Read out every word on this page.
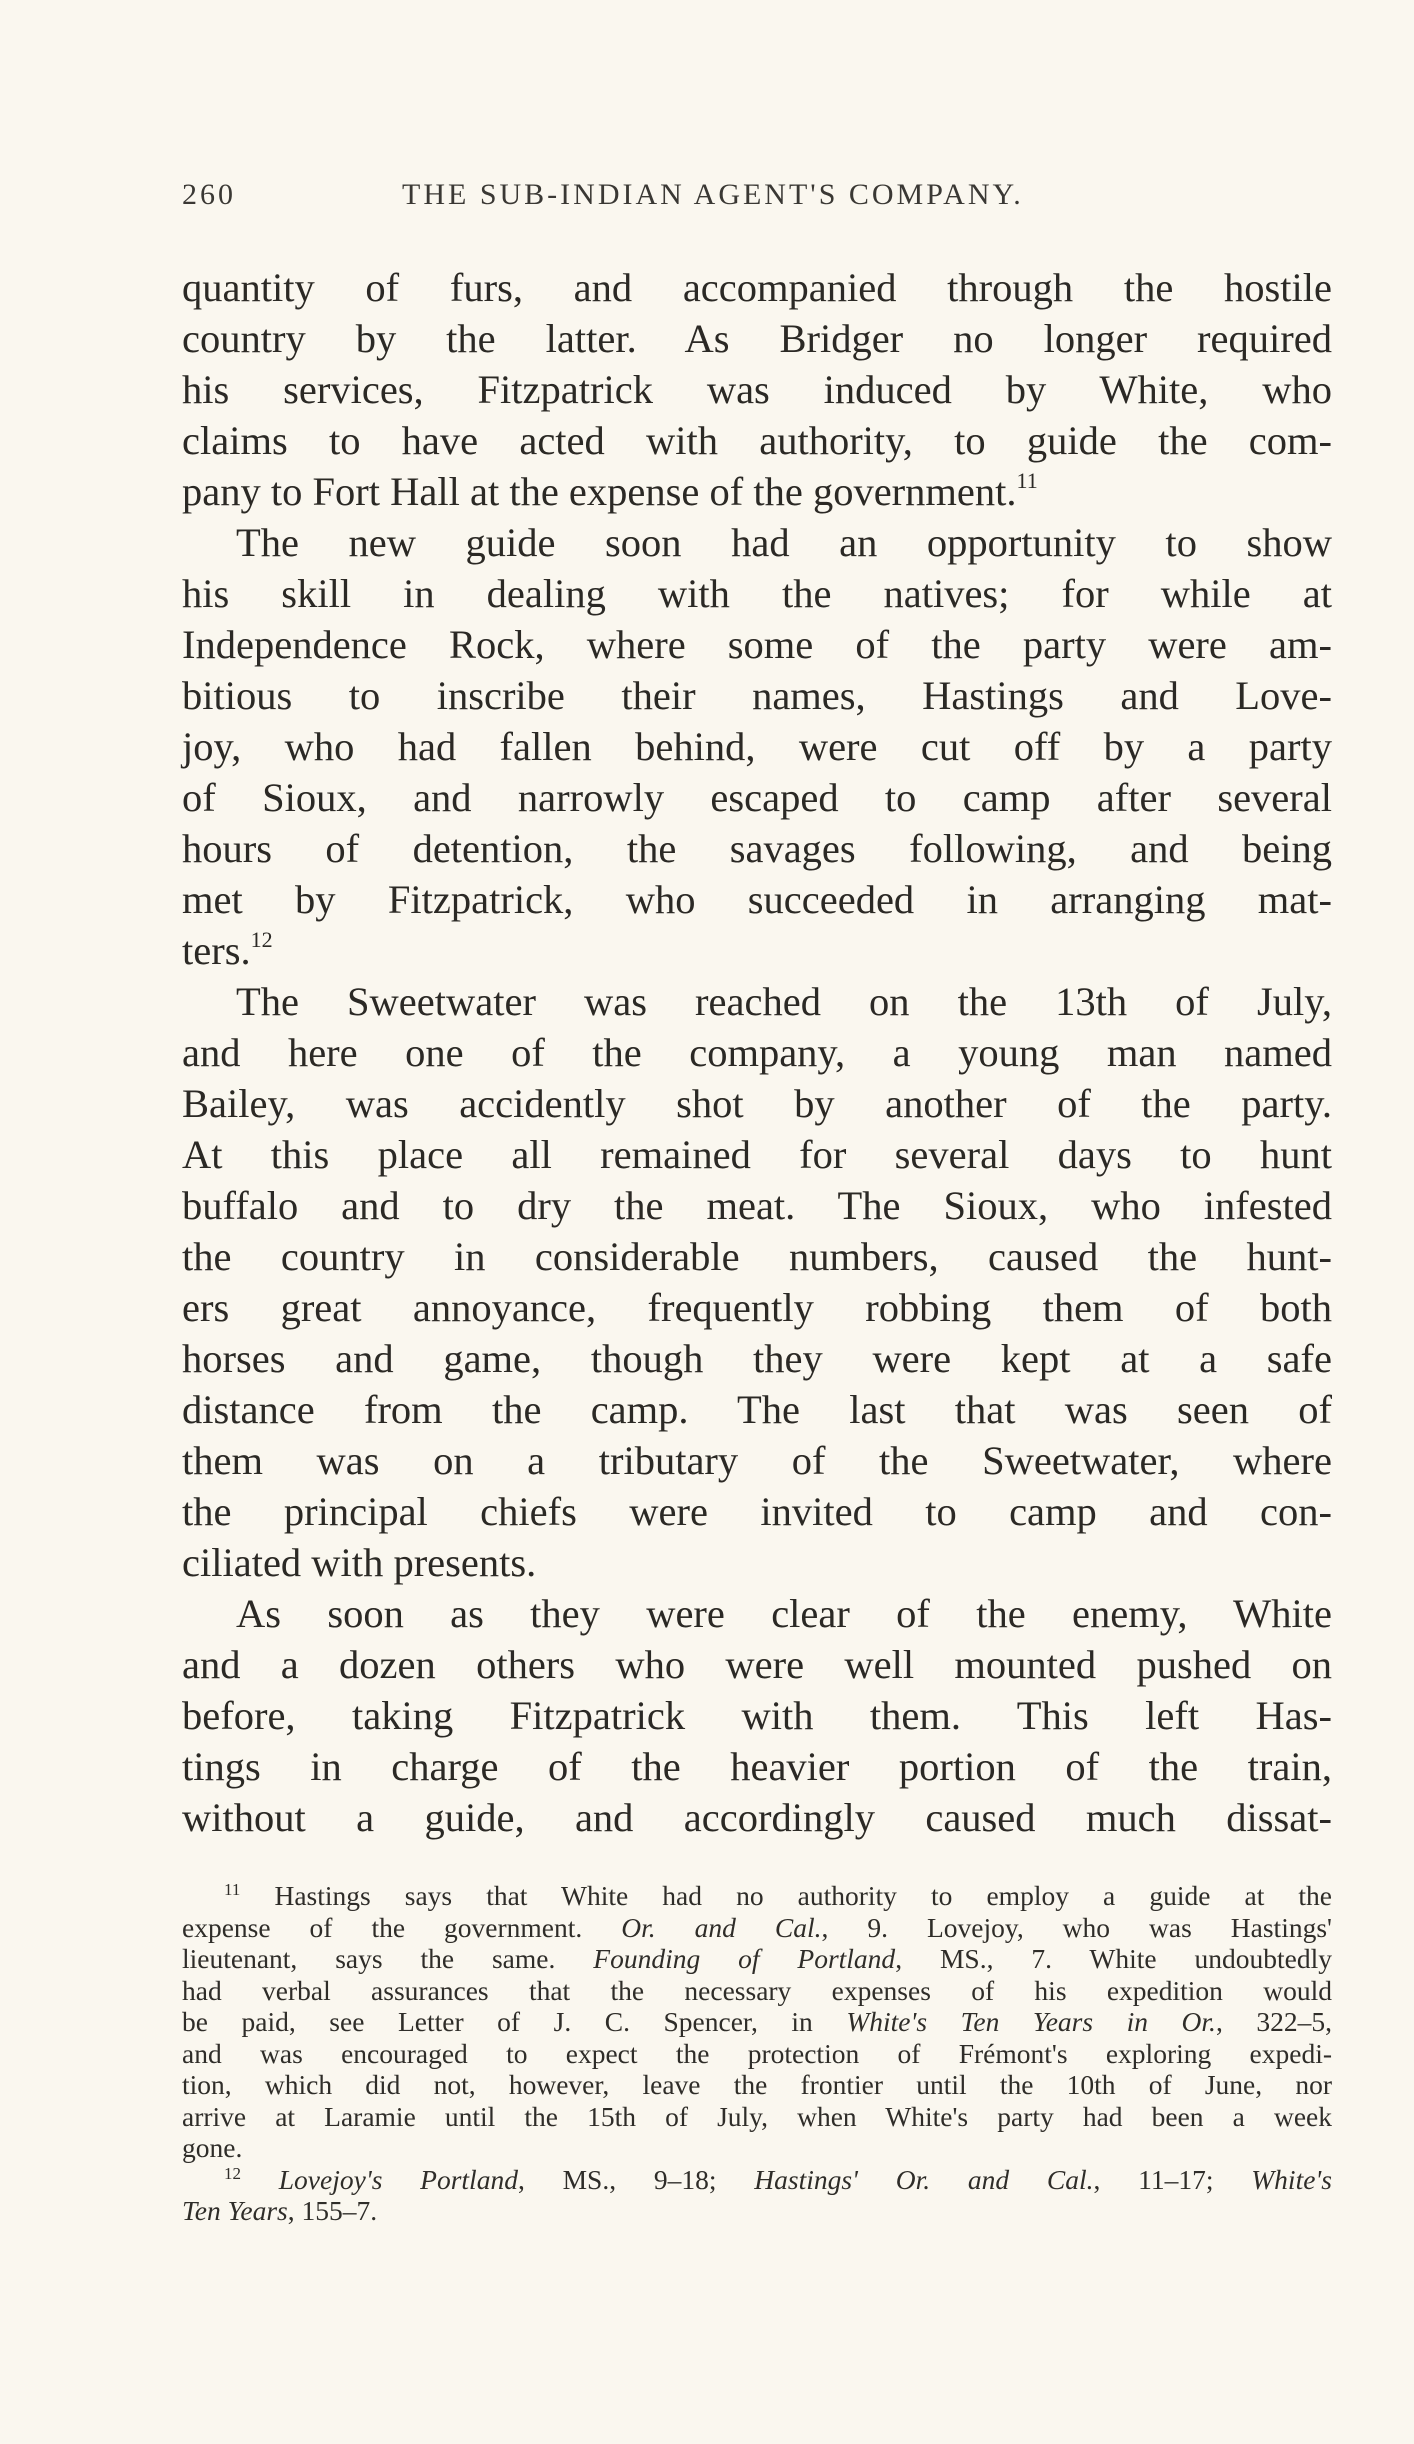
260	THE SUB-INDIAN AGENT'S COMPANY.
quantity of furs, and accompanied through the hostile
country by the latter. As Bridger no longer required
his services, Fitzpatrick was induced by White, who
claims to have acted with authority, to guide the com-
pany to Fort Hall at the expense of the government.$^{11}$
The new guide soon had an opportunity to show
his skill in dealing with the natives; for while at
Independence Rock, where some of the party were am-
bitious to inscribe their names, Hastings and Love-
joy, who had fallen behind, were cut off by a party
of Sioux, and narrowly escaped to camp after several
hours of detention, the savages following, and being
met by Fitzpatrick, who succeeded in arranging mat-
ters.$^{12}$
The Sweetwater was reached on the 13th of July,
and here one of the company, a young man named
Bailey, was accidently shot by another of the party.
At this place all remained for several days to hunt
buffalo and to dry the meat. The Sioux, who infested
the country in considerable numbers, caused the hunt-
ers great annoyance, frequently robbing them of both
horses and game, though they were kept at a safe
distance from the camp. The last that was seen of
them was on a tributary of the Sweetwater, where
the principal chiefs were invited to camp and con-
ciliated with presents.
As soon as they were clear of the enemy, White
and a dozen others who were well mounted pushed on
before, taking Fitzpatrick with them. This left Has-
tings in charge of the heavier portion of the train,
without a guide, and accordingly caused much dissat-
$^{11}$ Hastings says that White had no authority to employ a guide at the
expense of the government. Or. and Cal., 9. Lovejoy, who was Hastings'
lieutenant, says the same. Founding of Portland, MS., 7. White undoubtedly
had verbal assurances that the necessary expenses of his expedition would
be paid, see Letter of J. C. Spencer, in White's Ten Years in Or., 322–5,
and was encouraged to expect the protection of Frémont's exploring expedi-
tion, which did not, however, leave the frontier until the 10th of June, nor
arrive at Laramie until the 15th of July, when White's party had been a week
gone.
$^{12}$ Lovejoy's Portland, MS., 9–18; Hastings' Or. and Cal., 11–17; White's
Ten Years, 155–7.
